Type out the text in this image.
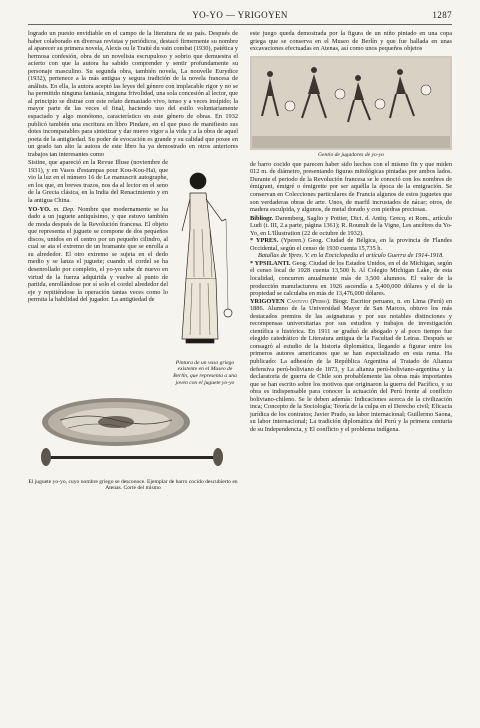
YO-YO — YRIGOYEN	1287

logrado un puesto envidiable en el campo de la literatura de su país. Después de haber colaborado en diversas revistas y periódicos, destacó firmemente su nombre al aparecer su primera novela, Alexis ou le Traité du vain combat (1930), patética y hermosa confesión, obra de un novelista escrupuloso y sobrio que demuestra el acierto con que la autora ha sabido comprender y sentir profundamente su personaje masculino. Su segunda obra, también novela, La nouvelle Eurydice (1932), pertenece a la más antigua y segura tradición de la novela francesa de análisis. En ella, la autora aceptó las leyes del género con implacable rigor y no se ha permitido ninguna fantasía, ninguna frivolidad, una sola concesión al lector, que al principio se distrae con este relato demasiado vivo, tenso y a veces insípido; la mayor parte de las veces el final, haciendo uso del estilo voluntariamente espaciado y algo monótono, característico en este género de obras. En 1932 publicó también una escritura en libro Pindare, en el que puso de manifiesto sus dotes incomparables para sintetizar y dar nuevo vigor a la vida y a la obra de aquel poeta de la antigüedad. Su poder de evocación es grande y su calidad que posee en un grado tan alto la autora de este libro ha ya demostrado en otros anteriores trabajos tan interesantes como

Sistine, que apareció en la Revue Illuse (noviembre de 1931), y en Vasos d'estampas pour Kou-Kou-Haï, que vio la luz en el número 16 de Le manuscrit autographe, en los que, en breves trazos, nos da al lector en el seno de la Grecia clásica, en la India del Renacimiento y en la antigua China.

YO-YO. m. Dep. Nombre que modernamente se ha dado a un juguete antiquísimo, y que estuvo también de moda después de la Revolución francesa. El objeto que representa el juguete se compone de dos pequeños discos, unidos en el centro por un pequeño cilindro, al cual se ata el extremo de un bramante que se enrolla a su alrededor. El otro extremo se sujeta en el dedo medio y se lanza el juguete; cuando el cordel se ha desenrollado por completo, el yo-yo sube de nuevo en virtud de la fuerza adquirida y vuelve al punto de partida, enrollándose por sí solo el cordel alrededor del eje y repitiéndose la operación tantas veces como lo permita la habilidad del jugador. La antigüedad de

Pintura de un vaso griego existente en el Museo de Berlín, que representa a una joven con el juguete yo-yo
El juguete yo-yo, cuyo nombre griego se desconoce. Ejemplar de barro cocido descubierto en Atenas. Corte del mismo

este juego queda demostrada por la figura de un niño pintado en una copa griega que se conserva en el Museo de Berlín y que fue hallada en unas excavaciones efectuadas en Atenas, así como unos pequeños objetos

Gentio de jugadores de yo-yo

de barro cocido que parecen haber sido hechos con el mismo fin y que miden 012 m. de diámetro, presentando figuras mitológicas pintadas por ambos lados. Durante el periodo de la Revolución francesa se le conoció con los nombres de émigrant, émigré o émigrette por ser aquélla la época de la emigración. Se conservan en Colecciones particulares de Francia algunos de estos juguetes que son verdaderas obras de arte. Unos, de marfil incrustados de nácar; otros, de madera esculpida, y algunos, de metal dorado y con piedras preciosas.

Bibliogr. Daremberg, Saglio y Pottier, Dict. d. Antiq. Grecq. et Rom., artículo Ludi (t. III, 2.a parte, página 1361); R. Rounult de la Vigne, Les ancêtres du Yo-Yo, en L'Illustration (22 de octubre de 1932).

* YPRES. (Yperen.) Geog. Ciudad de Bélgica, en la provincia de Flandes Occidental, según el censo de 1930 cuenta 15,735 h.

Batallas de Ypres. V. en la Enciclopedia el artículo Guerra de 1914-1918.

* YPSILANTI. Geog. Ciudad de los Estados Unidos, en el de Michigan, según el censo local de 1928 cuenta 13,500 h. Al Colegio Michigan Lake, de esta localidad, concurren anualmente más de 3,500 alumnos. El valor de la producción manufacturera en 1926 ascendía a 5,400,000 dólares y el de la propiedad se calculaba en más de 13,476,000 dólares.

YRIGOYEN Cantuvo (Pedro). Biogr. Escritor peruano, n. en Lima (Perú) en 1886. Alumno de la Universidad Mayor de San Marcos, obtuvo los más destacados premios de las asignaturas y por sus notables distinciones y recompensas universitarias por sus estudios y trabajos de investigación científica e histórica. En 1911 se graduó de abogado y al poco tiempo fue elegido catedrático de Literatura antigua de la Facultad de Letras. Después se consagró al estudio de la historia diplomática, llegando a figurar entre los primeros autores americanos que se han especializado en esta rama. Ha publicado: La adhesión de la República Argentina al Tratado de Alianza defensiva perú-boliviano de 1873, y La alianza perú-boliviano-argentina y la declaratoria de guerra de Chile son probablemente las obras más importantes que se han escrito sobre los motivos que originaron la guerra del Pacífico, y su obra es indispensable para conocer la actuación del Perú frente al conflicto boliviano-chileno. Se le deben además: Indicaciones acerca de la civilización inca; Concepto de la Sociología; Teoría de la culpa en el Derecho civil; Eficacia jurídica de los contratos; Javier Prado, su labor internacional; Guillermo Saona, su labor internacional; La tradición diplomática del Perú y la primera centuria de su Independencia, y El conflicto y el problema indígena.
